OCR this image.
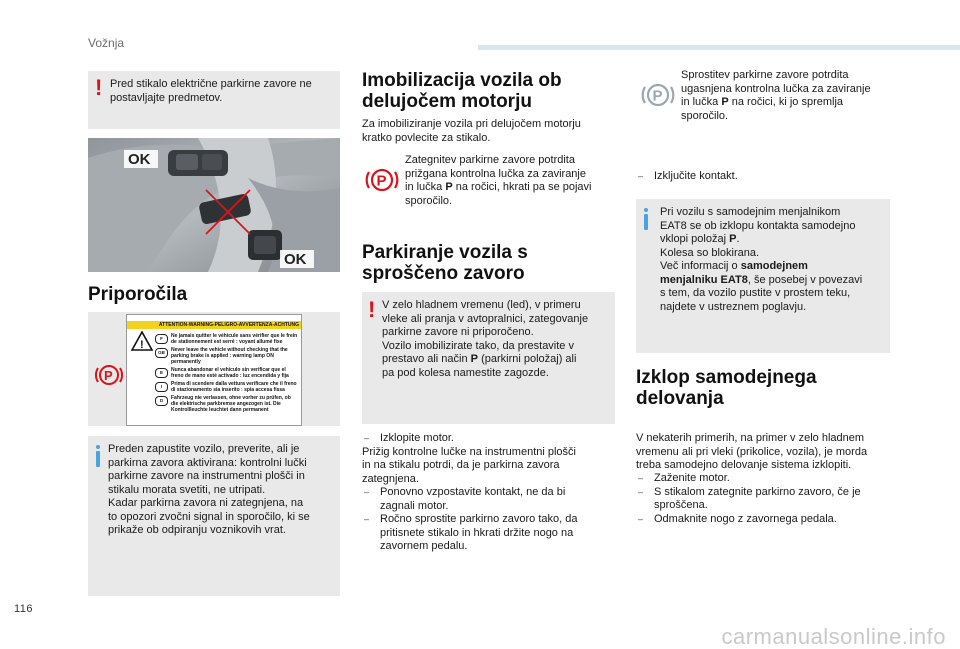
Vožnja
! Pred stikalo električne parkirne zavore ne postavljajte predmetov.
OK
OK
Priporočila
P
ATTENTION-WARNING-PELIGRO-AVVERTENZA-ACHTUNG
!
F	Ne jamais quitter le véhicule sans vérifier que le frein de stationnement est serré : voyant allumé fixe
GB	Never leave the vehicle without checking that the parking brake is applied : warning lamp ON permanently
E	Nunca abandonar el vehículo sin verificar que el freno de mano esté activado : luz encendida y fija
I	Prima di scendere dalla vettura verificare che il freno di stazionamento sia inserito : spia accesa fissa
D	Fahrzeug nie verlassen, ohne vorher zu prüfen, ob die elektrische parkbremse angezogen ist. Die Kontrollleuchte leuchtet dann permanent
Preden zapustite vozilo, preverite, ali je
parkirna zavora aktivirana: kontrolni lučki
parkirne zavore na instrumentni plošči in
stikalu morata svetiti, ne utripati.
Kadar parkirna zavora ni zategnjena, na
to opozori zvočni signal in sporočilo, ki se
prikaže ob odpiranju voznikovih vrat.
Imobilizacija vozila ob
delujočem motorju
Za imobiliziranje vozila pri delujočem motorju
kratko povlecite za stikalo.
P
Zategnitev parkirne zavore potrdita
prižgana kontrolna lučka za zaviranje
in lučka P na ročici, hkrati pa se pojavi
sporočilo.
Parkiranje vozila s
sproščeno zavoro
! V zelo hladnem vremenu (led), v primeru
vleke ali pranja v avtopralnici, zategovanje
parkirne zavore ni priporočeno.
Vozilo imobilizirate tako, da prestavite v
prestavo ali način P (parkirni položaj) ali
pa pod kolesa namestite zagozde.
– Izklopite motor.
Prižig kontrolne lučke na instrumentni plošči
in na stikalu potrdi, da je parkirna zavora
zategnjena.
– Ponovno vzpostavite kontakt, ne da bi
zagnali motor.
– Ročno sprostite parkirno zavoro tako, da
pritisnete stikalo in hkrati držite nogo na
zavornem pedalu.
P
Sprostitev parkirne zavore potrdita
ugasnjena kontrolna lučka za zaviranje
in lučka P na ročici, ki jo spremlja
sporočilo.
– Izključite kontakt.
Pri vozilu s samodejnim menjalnikom
EAT8 se ob izklopu kontakta samodejno
vklopi položaj P.
Kolesa so blokirana.
Več informacij o samodejnem
menjalniku EAT8, še posebej v povezavi
s tem, da vozilo pustite v prostem teku,
najdete v ustreznem poglavju.
Izklop samodejnega
delovanja
V nekaterih primerih, na primer v zelo hladnem
vremenu ali pri vleki (prikolice, vozila), je morda
treba samodejno delovanje sistema izklopiti.
– Zaženite motor.
– S stikalom zategnite parkirno zavoro, če je
sproščena.
– Odmaknite nogo z zavornega pedala.
116
carmanualsonline.info
